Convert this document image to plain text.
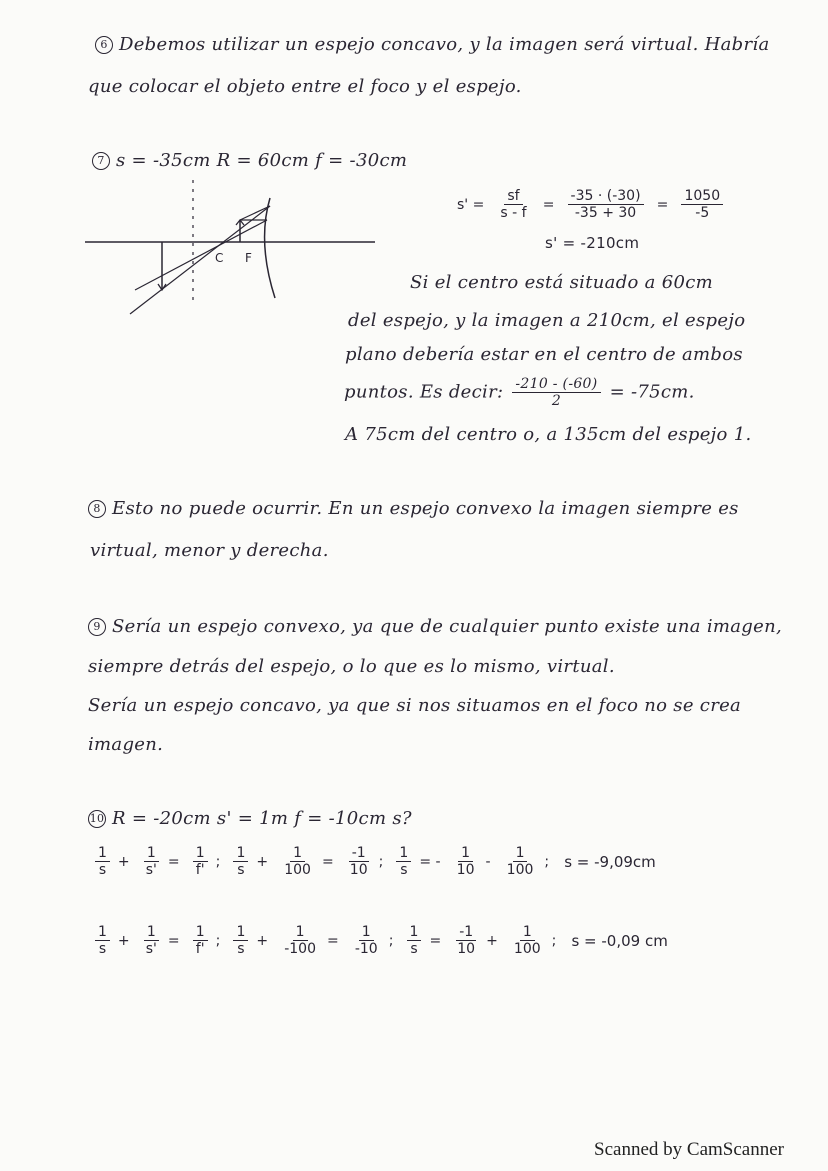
6 Debemos utilizar un espejo concavo, y la imagen será virtual. Habría
que colocar el objeto entre el foco y el espejo.
7 s = -35cm R = 60cm f = -30cm
$s' = \frac{sf}{s - f} = \frac{-35 \cdot (-30)}{-35 + 30} = \frac{1050}{-5}$
s' = -210cm
C F
Si el centro está situado a 60cm
del espejo, y la imagen a 210cm, el espejo
plano debería estar en el centro de ambos
puntos. Es decir: $\frac{-210 - (-60)}{2} = -75cm$.
A 75cm del centro o, a 135cm del espejo 1.
8 Esto no puede ocurrir. En un espejo convexo la imagen siempre es
virtual, menor y derecha.
9 Sería un espejo convexo, ya que de cualquier punto existe una imagen,
siempre detrás del espejo, o lo que es lo mismo, virtual.
Sería un espejo concavo, ya que si nos situamos en el foco no se crea
imagen.
10 R = -20cm s' = 1m f = -10cm s?
$\frac{1}{s} + \frac{1}{s'} = \frac{1}{f'}$ ; $\frac{1}{s} + \frac{1}{100} = \frac{-1}{10}$ ; $\frac{1}{s}$ = - $\frac{1}{10} - \frac{1}{100}$ ; s = -9,09cm
$\frac{1}{s} + \frac{1}{s'} = \frac{1}{f'}$ ; $\frac{1}{s} + \frac{1}{-100} = \frac{1}{-10}$ ; $\frac{1}{s} = \frac{-1}{10} + \frac{1}{100}$ ; s = -0,09 cm
Scanned by CamScanner
